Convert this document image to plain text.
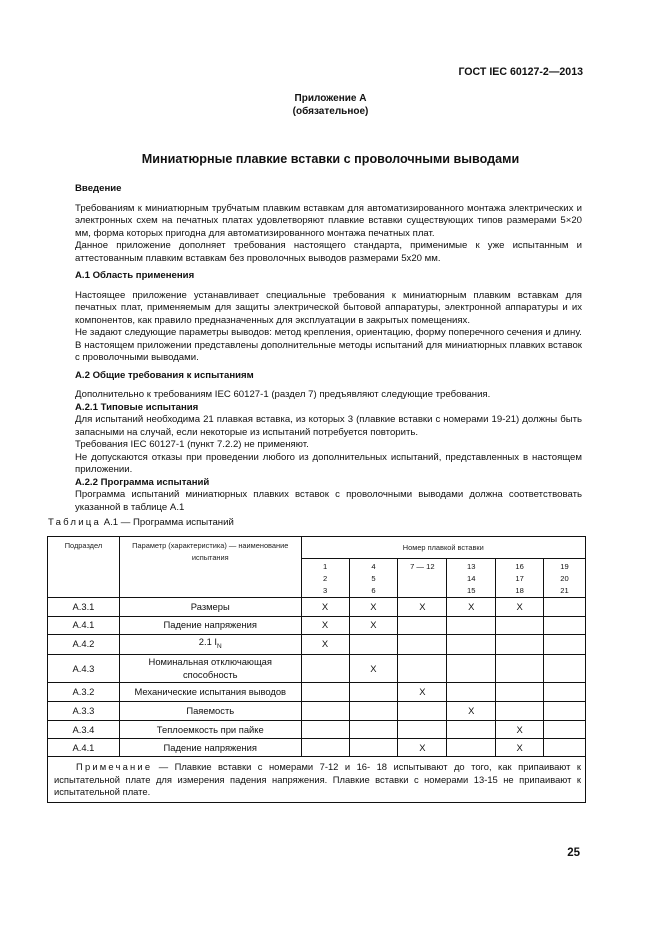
ГОСТ IEC 60127-2—2013
Приложение А
(обязательное)
Миниатюрные плавкие вставки с проволочными выводами

Введение

Требованиям к миниатюрным трубчатым плавким вставкам для автоматизированного монтажа электрических и электронных схем на печатных платах удовлетворяют плавкие вставки существующих типов размерами 5×20 мм, форма которых пригодна для автоматизированного монтажа печатных плат.

Данное приложение дополняет требования настоящего стандарта, применимые к уже испытанным и аттестованным плавким вставкам без проволочных выводов размерами 5х20 мм.

А.1 Область применения

Настоящее приложение устанавливает специальные требования к миниатюрным плавким вставкам для печатных плат, применяемым для защиты электрической бытовой аппаратуры, электронной аппаратуры и их компонентов, как правило предназначенных для эксплуатации в закрытых помещениях.

Не задают следующие параметры выводов: метод крепления, ориентацию, форму поперечного сечения и длину.

В настоящем приложении представлены дополнительные методы испытаний для миниатюрных плавких вставок с проволочными выводами.

А.2 Общие требования к испытаниям

Дополнительно к требованиям IEC 60127-1 (раздел 7) предъявляют следующие требования.

А.2.1 Типовые испытания

Для испытаний необходима 21 плавкая вставка, из которых 3 (плавкие вставки с номерами 19-21) должны быть запасными на случай, если некоторые из испытаний потребуется повторить.

Требования IEC 60127-1 (пункт 7.2.2) не применяют.

Не допускаются отказы при проведении любого из дополнительных испытаний, представленных в настоящем приложении.

А.2.2 Программа испытаний

Программа испытаний миниатюрных плавких вставок с проволочными выводами должна соответствовать указанной в таблице А.1

Таблица А.1 — Программа испытаний
Подраздел	Параметр (характеристика) — наименование испытания	Номер плавкой вставки					

		1
2
3	4
5
6	7 — 12	13
14
15	16
17
18	19
20
21

А.3.1	Размеры	X	X	X	X	X	
А.4.1	Падение напряжения	X	X				
А.4.2	2.1 $I_N$	X					
А.4.3	Номинальная отключающая способность		X				
А.3.2	Механические испытания выводов			X			
А.3.3	Паяемость				X		
А.3.4	Теплоемкость при пайке					X	
А.4.1	Падение напряжения			X		X	
Примечание — Плавкие вставки с номерами 7-12 и 16- 18 испытывают до того, как припаивают к испытательной плате для измерения падения напряжения. Плавкие вставки с номерами 13-15 не припаивают к испытательной плате.							
25
